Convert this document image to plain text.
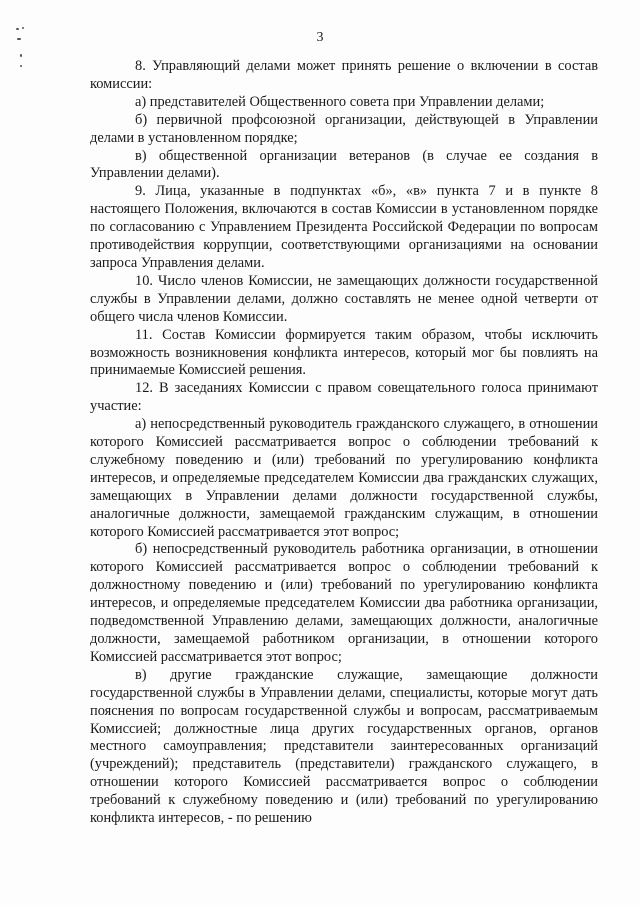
3

8. Управляющий делами может принять решение о включении в состав комиссии:

а) представителей Общественного совета при Управлении делами;

б) первичной профсоюзной организации, действующей в Управлении делами в установленном порядке;

в) общественной организации ветеранов (в случае ее создания в Управлении делами).

9. Лица, указанные в подпунктах «б», «в» пункта 7 и в пункте 8 настоящего Положения, включаются в состав Комиссии в установленном порядке по согласованию с Управлением Президента Российской Федерации по вопросам противодействия коррупции, соответствующими организациями на основании запроса Управления делами.

10. Число членов Комиссии, не замещающих должности государственной службы в Управлении делами, должно составлять не менее одной четверти от общего числа членов Комиссии.

11. Состав Комиссии формируется таким образом, чтобы исключить возможность возникновения конфликта интересов, который мог бы повлиять на принимаемые Комиссией решения.

12. В заседаниях Комиссии с правом совещательного голоса принимают участие:

а) непосредственный руководитель гражданского служащего, в отношении которого Комиссией рассматривается вопрос о соблюдении требований к служебному поведению и (или) требований по урегулированию конфликта интересов, и определяемые председателем Комиссии два гражданских служащих, замещающих в Управлении делами должности государственной службы, аналогичные должности, замещаемой гражданским служащим, в отношении которого Комиссией рассматривается этот вопрос;

б) непосредственный руководитель работника организации, в отношении которого Комиссией рассматривается вопрос о соблюдении требований к должностному поведению и (или) требований по урегулированию конфликта интересов, и определяемые председателем Комиссии два работника организации, подведомственной Управлению делами, замещающих должности, аналогичные должности, замещаемой работником организации, в отношении которого Комиссией рассматривается этот вопрос;

в) другие гражданские служащие, замещающие должности государственной службы в Управлении делами, специалисты, которые могут дать пояснения по вопросам государственной службы и вопросам, рассматриваемым Комиссией; должностные лица других государственных органов, органов местного самоуправления; представители заинтересованных организаций (учреждений); представитель (представители) гражданского служащего, в отношении которого Комиссией рассматривается вопрос о соблюдении требований к служебному поведению и (или) требований по урегулированию конфликта интересов, - по решению
